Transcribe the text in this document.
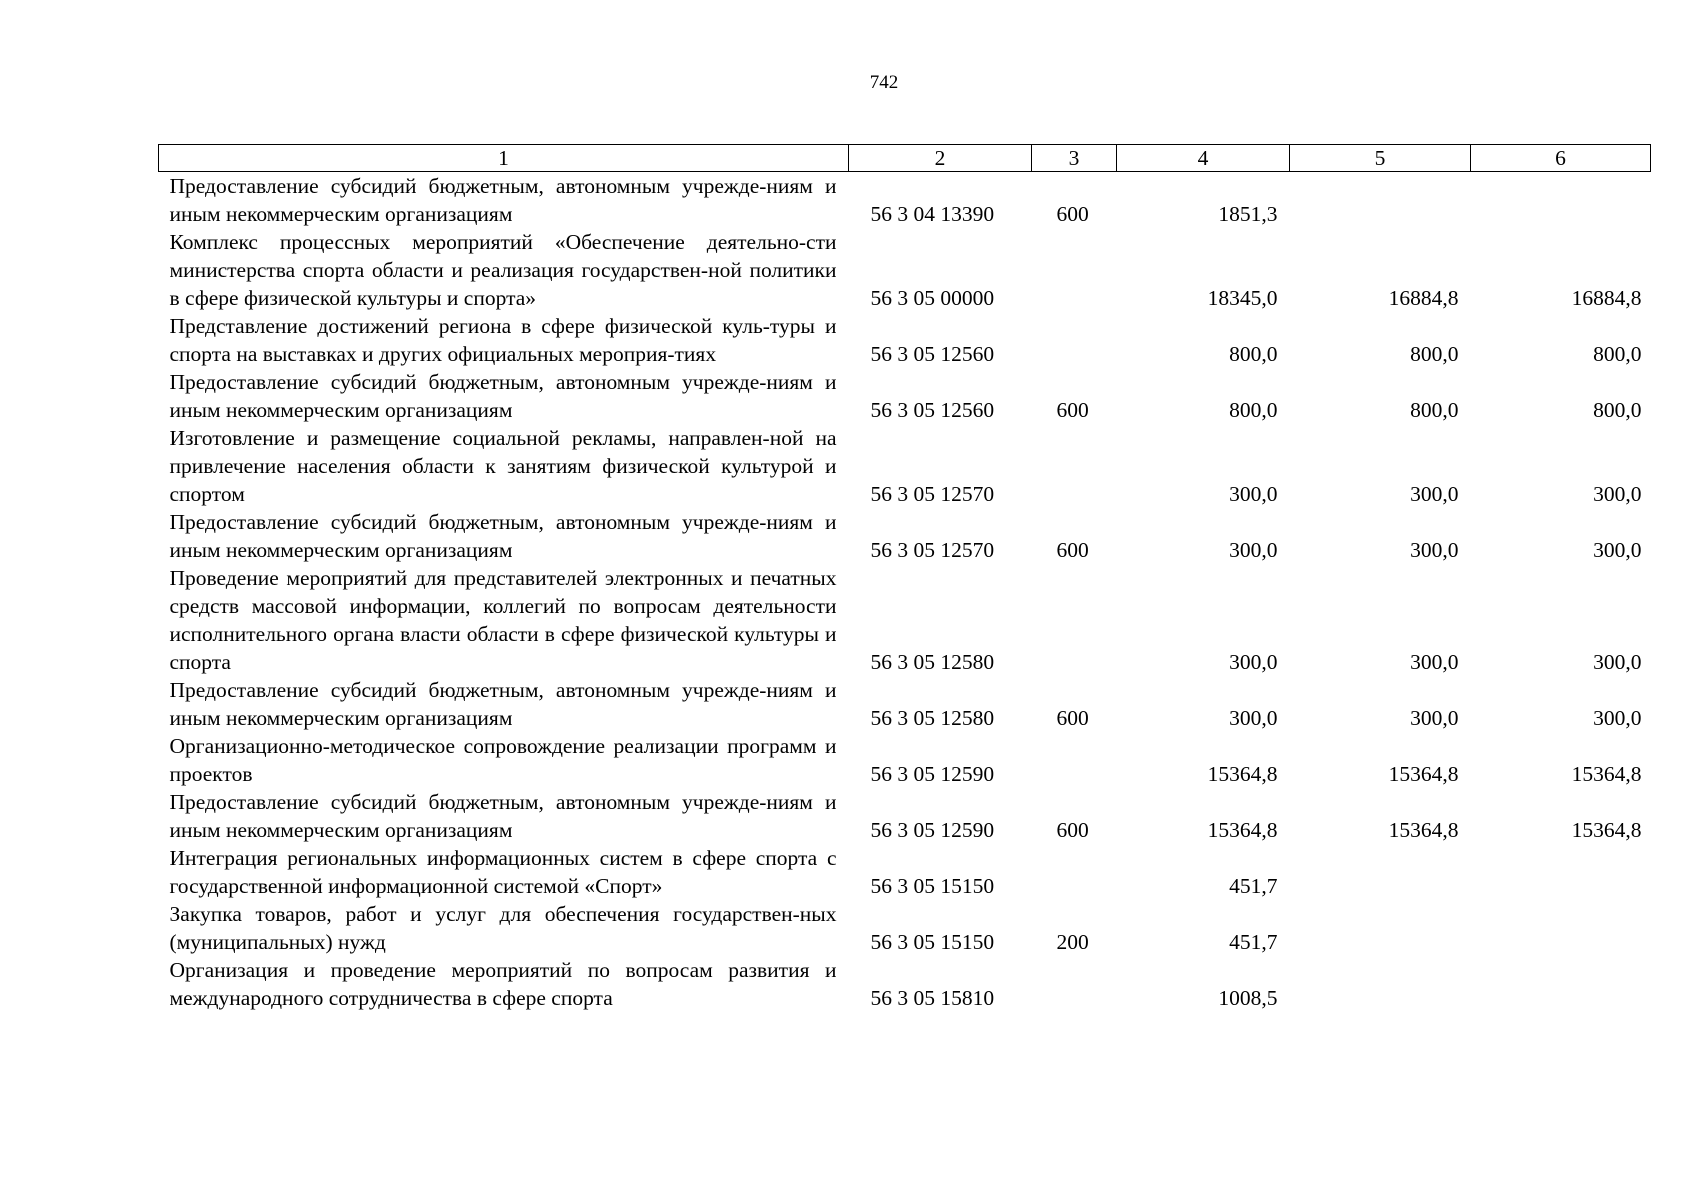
742
1	2	3	4	5	6
Предоставление субсидий бюджетным, автономным учрежде-ниям и иным некоммерческим организациям	56 3 04 13390	600	1851,3		
Комплекс процессных мероприятий «Обеспечение деятельно-сти министерства спорта области и реализация государствен-ной политики в сфере физической культуры и спорта»	56 3 05 00000		18345,0	16884,8	16884,8
Представление достижений региона в сфере физической куль-туры и спорта на выставках и других официальных мероприя-тиях	56 3 05 12560		800,0	800,0	800,0
Предоставление субсидий бюджетным, автономным учрежде-ниям и иным некоммерческим организациям	56 3 05 12560	600	800,0	800,0	800,0
Изготовление и размещение социальной рекламы, направлен-ной на привлечение населения области к занятиям физической культурой и спортом	56 3 05 12570		300,0	300,0	300,0
Предоставление субсидий бюджетным, автономным учрежде-ниям и иным некоммерческим организациям	56 3 05 12570	600	300,0	300,0	300,0
Проведение мероприятий для представителей электронных и печатных средств массовой информации, коллегий по вопросам деятельности исполнительного органа власти области в сфере физической культуры и спорта	56 3 05 12580		300,0	300,0	300,0
Предоставление субсидий бюджетным, автономным учрежде-ниям и иным некоммерческим организациям	56 3 05 12580	600	300,0	300,0	300,0
Организационно-методическое сопровождение реализации программ и проектов	56 3 05 12590		15364,8	15364,8	15364,8
Предоставление субсидий бюджетным, автономным учрежде-ниям и иным некоммерческим организациям	56 3 05 12590	600	15364,8	15364,8	15364,8
Интеграция региональных информационных систем в сфере спорта с государственной информационной системой «Спорт»	56 3 05 15150		451,7		
Закупка товаров, работ и услуг для обеспечения государствен-ных (муниципальных) нужд	56 3 05 15150	200	451,7		
Организация и проведение мероприятий по вопросам развития и международного сотрудничества в сфере спорта	56 3 05 15810		1008,5		
